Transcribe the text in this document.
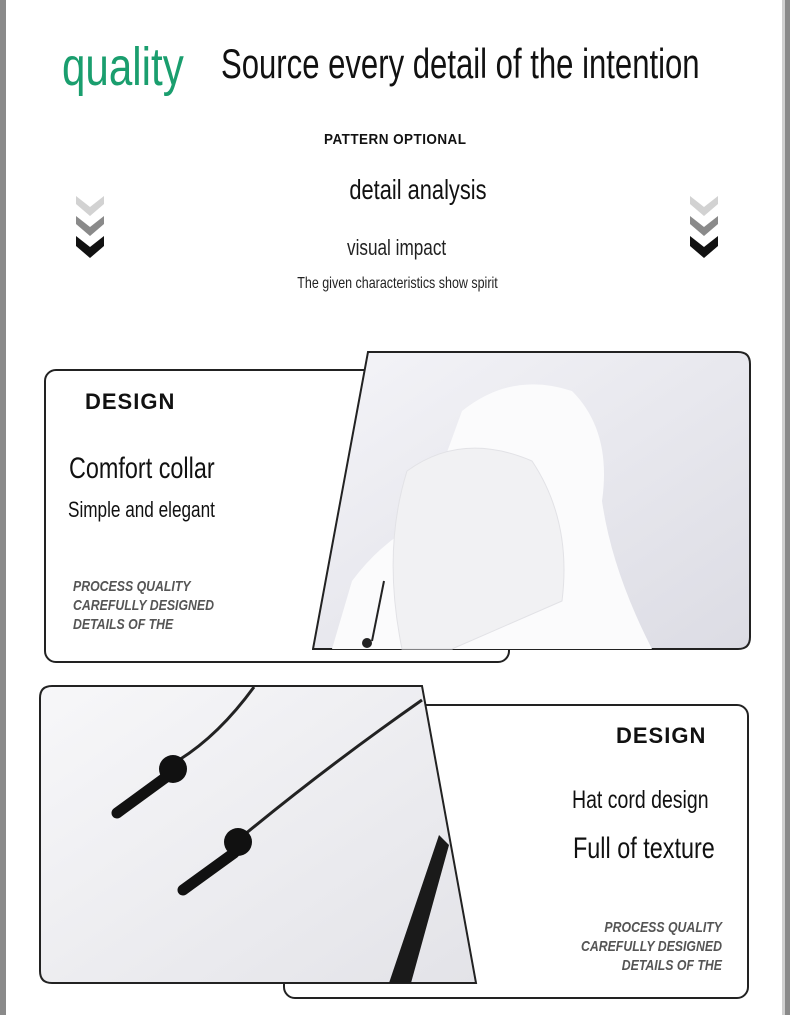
quality Source every detail of the intention
PATTERN OPTIONAL
detail analysis
visual impact
The given characteristics show spirit
DESIGN
Comfort collar
Simple and elegant
PROCESS QUALITY
CAREFULLY DESIGNED
DETAILS OF THE
DESIGN
Hat cord design
Full of texture
PROCESS QUALITY
CAREFULLY DESIGNED
DETAILS OF THE
